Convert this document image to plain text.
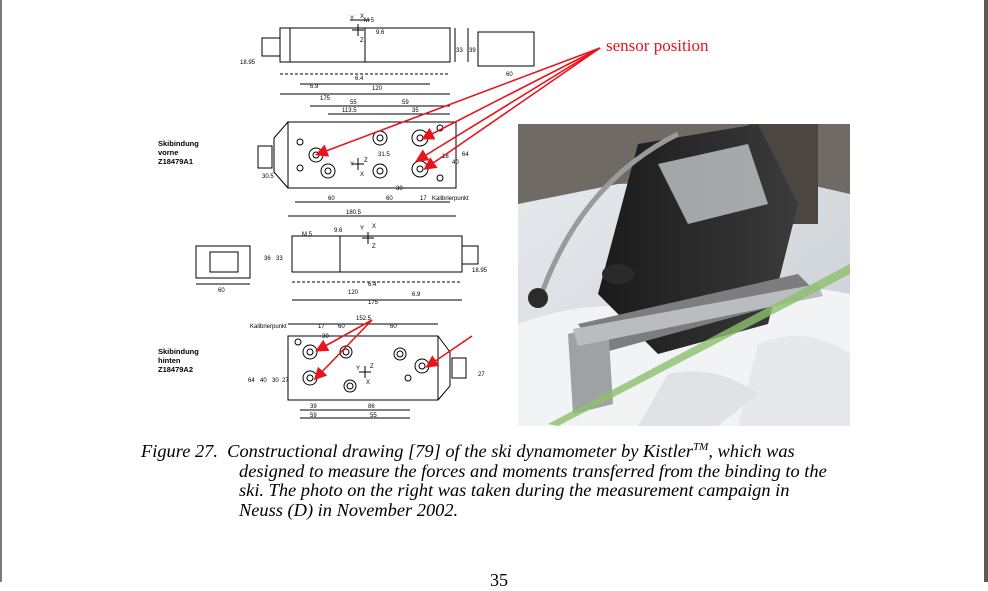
Skibindung
vorne
Z18479A1
Skibindung
hinten
Z18479A2
M 5
175
120
6.4
33 39
60
18.95
6.9
9.6
55
113.5
59
35
30.5
60	60	17
180.5
30
31.5	18 64
40
Kalibrierpunkt
M 5
175
120
6.4
36 33
60
18.95
6.9
9.6
152.5
17 60	60
30
39	86
55
59
64 40 30 27
27
Kalibrierpunkt
Y X
Z
Y
X
Z
Y X
Z
Y
X
Z
sensor position
Figure 27. Constructional drawing [79] of the ski dynamometer by Kistler™, which was
designed to measure the forces and moments transferred from the binding to the
ski. The photo on the right was taken during the measurement campaign in
Neuss (D) in November 2002.
35
